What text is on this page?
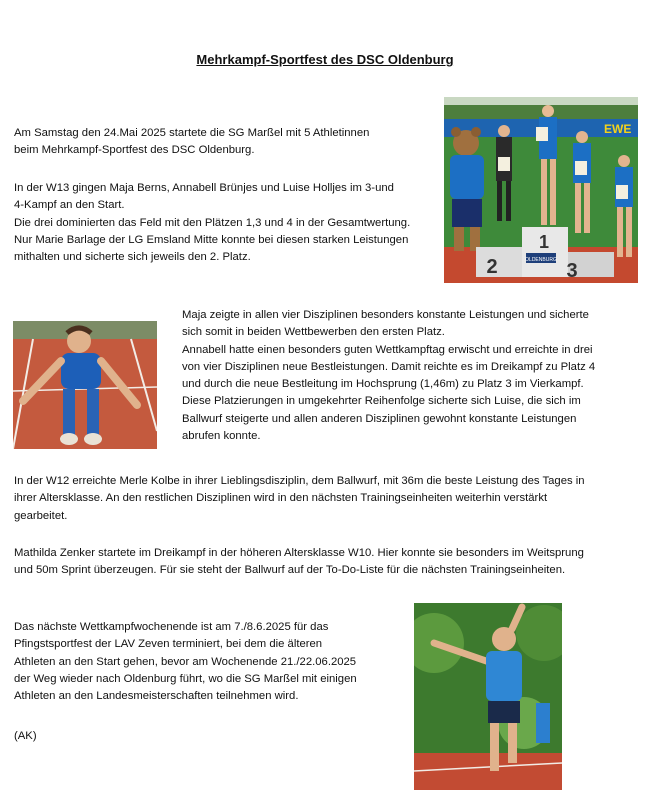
Mehrkampf-Sportfest des DSC Oldenburg
Am Samstag den 24.Mai 2025 startete die SG Marßel mit 5 Athletinnen
beim Mehrkampf-Sportfest des DSC Oldenburg.
In der W13 gingen Maja Berns, Annabell Brünjes und Luise Holljes im 3-und
4-Kampf an den Start.
Die drei dominierten das Feld mit den Plätzen 1,3 und 4 in der Gesamtwertung.
Nur Marie Barlage der LG Emsland Mitte konnte bei diesen starken Leistungen
mithalten und sicherte sich jeweils den 2. Platz.
Maja zeigte in allen vier Disziplinen besonders konstante Leistungen und sicherte
sich somit in beiden Wettbewerben den ersten Platz.
Annabell hatte einen besonders guten Wettkampftag erwischt und erreichte in drei
von vier Disziplinen neue Bestleistungen. Damit reichte es im Dreikampf zu Platz 4
und durch die neue Bestleitung im Hochsprung (1,46m) zu Platz 3 im Vierkampf.
Diese Platzierungen in umgekehrter Reihenfolge sicherte sich Luise, die sich im
Ballwurf steigerte und allen anderen Disziplinen gewohnt konstante Leistungen
abrufen konnte.
In der W12 erreichte Merle Kolbe in ihrer Lieblingsdisziplin, dem Ballwurf, mit 36m die beste Leistung des Tages in
ihrer Altersklasse. An den restlichen Disziplinen wird in den nächsten Trainingseinheiten weiterhin verstärkt
gearbeitet.
Mathilda Zenker startete im Dreikampf in der höheren Altersklasse W10. Hier konnte sie besonders im Weitsprung
und 50m Sprint überzeugen. Für sie steht der Ballwurf auf der To-Do-Liste für die nächsten Trainingseinheiten.
Das nächste Wettkampfwochenende ist am 7./8.6.2025 für das
Pfingstsportfest der LAV Zeven terminiert, bei dem die älteren
Athleten an den Start gehen, bevor am Wochenende 21./22.06.2025
der Weg wieder nach Oldenburg führt, wo die SG Marßel mit einigen
Athleten an den Landesmeisterschaften teilnehmen wird.
(AK)
EWE
1
2	3
OLDENBURG
